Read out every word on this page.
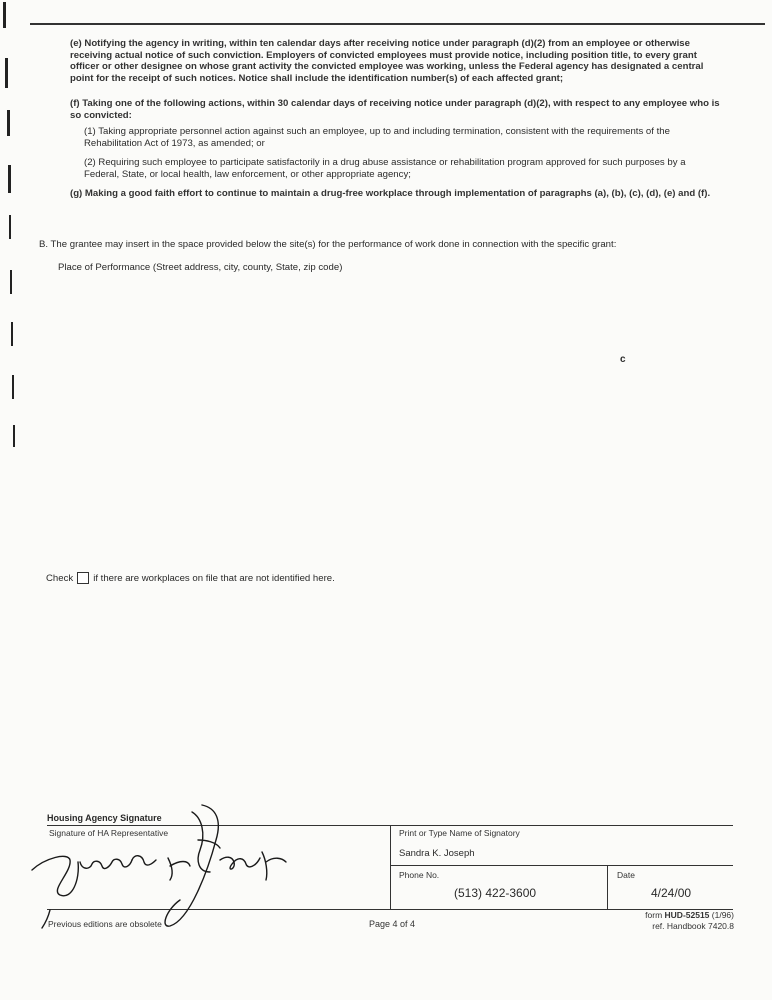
(e) Notifying the agency in writing, within ten calendar days after receiving notice under paragraph (d)(2) from an employee or otherwise receiving actual notice of such conviction. Employers of convicted employees must provide notice, including position title, to every grant officer or other designee on whose grant activity the convicted employee was working, unless the Federal agency has designated a central point for the receipt of such notices. Notice shall include the identification number(s) of each affected grant;
(f) Taking one of the following actions, within 30 calendar days of receiving notice under paragraph (d)(2), with respect to any employee who is so convicted:
(1) Taking appropriate personnel action against such an employee, up to and including termination, consistent with the requirements of the Rehabilitation Act of 1973, as amended; or
(2) Requiring such employee to participate satisfactorily in a drug abuse assistance or rehabilitation program approved for such purposes by a Federal, State, or local health, law enforcement, or other appropriate agency;
(g) Making a good faith effort to continue to maintain a drug-free workplace through implementation of paragraphs (a), (b), (c), (d), (e) and (f).
B. The grantee may insert in the space provided below the site(s) for the performance of work done in connection with the specific grant:
Place of Performance (Street address, city, county, State, zip code)
c
Check if there are workplaces on file that are not identified here.
Housing Agency Signature
Signature of HA Representative	Print or Type Name of Signatory
Sandra K. Joseph
Phone No.
(513) 422-3600
Date
4/24/00
Previous editions are obsolete	Page 4 of 4
form HUD-52515 (1/96)
ref. Handbook 7420.8
